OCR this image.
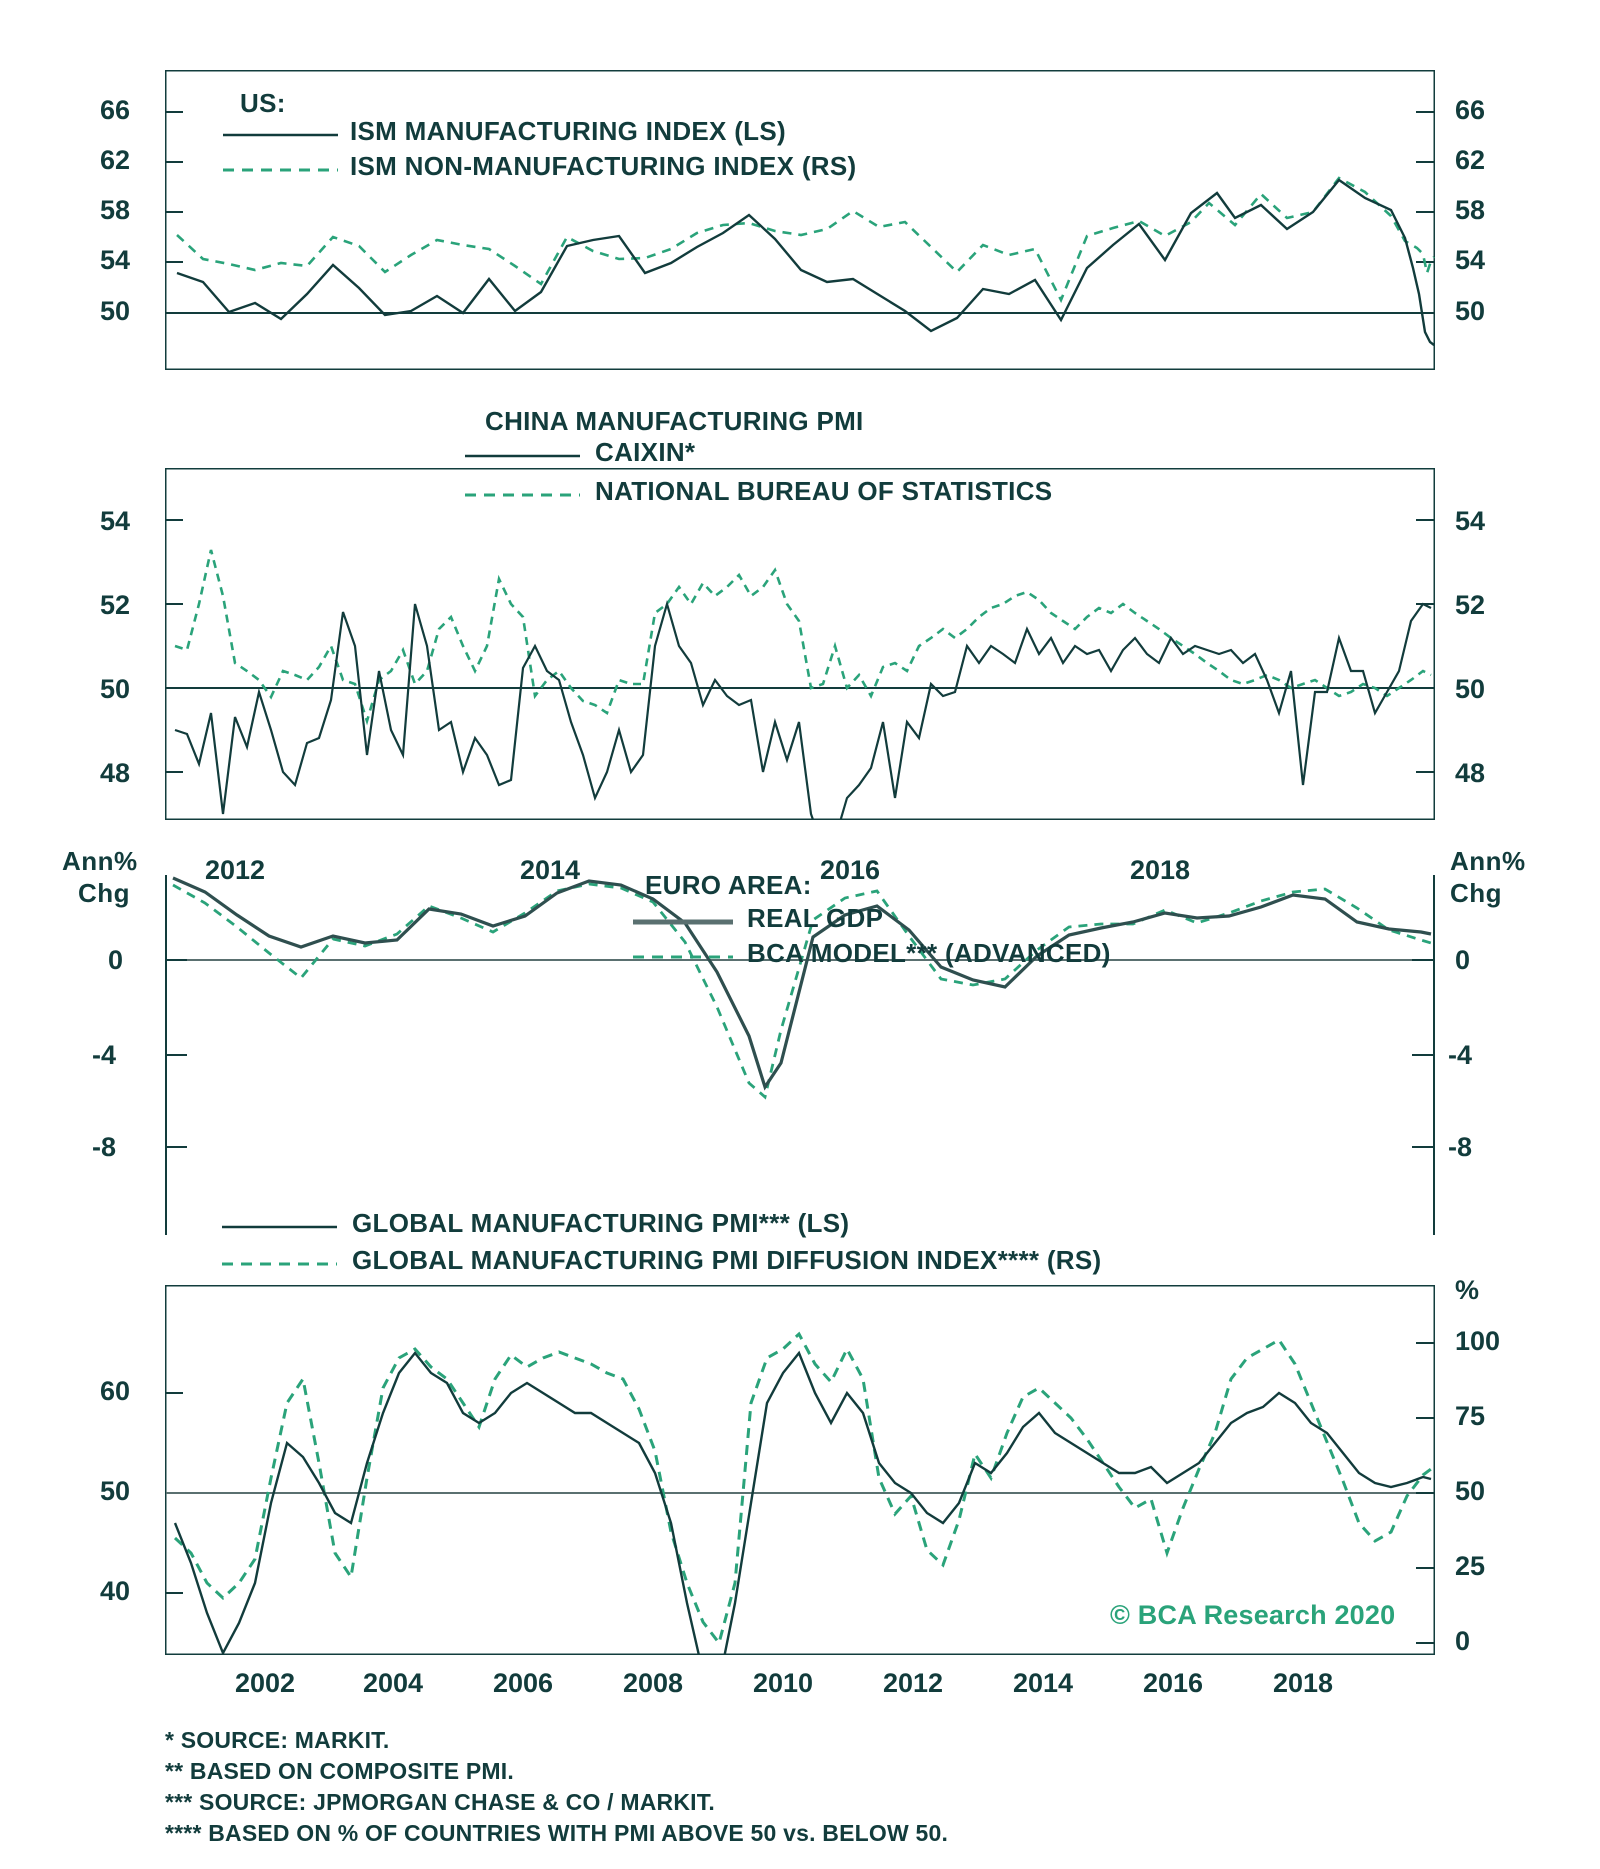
US:
ISM MANUFACTURING INDEX (LS)
ISM NON-MANUFACTURING INDEX (RS)
66
62
58
54
50
66
62
58
54
50
CHINA MANUFACTURING PMI
CAIXIN*
NATIONAL BUREAU OF STATISTICS
54
52
50
48
54
52
50
48
2012	2014	2016	2018
EURO AREA:
REAL GDP
BCA MODEL*** (ADVANCED)
Ann%
Chg
Ann%
Chg
0
-4
-8
0
-4
-8
GLOBAL MANUFACTURING PMI*** (LS)
GLOBAL MANUFACTURING PMI DIFFUSION INDEX**** (RS)
© BCA Research 2020
60
50
40
%
100
75
50
25
0
2002	2004	2006	2008	2010	2012	2014	2016	2018
* SOURCE: MARKIT.
** BASED ON COMPOSITE PMI.
*** SOURCE: JPMORGAN CHASE & CO / MARKIT.
**** BASED ON % OF COUNTRIES WITH PMI ABOVE 50 vs. BELOW 50.
